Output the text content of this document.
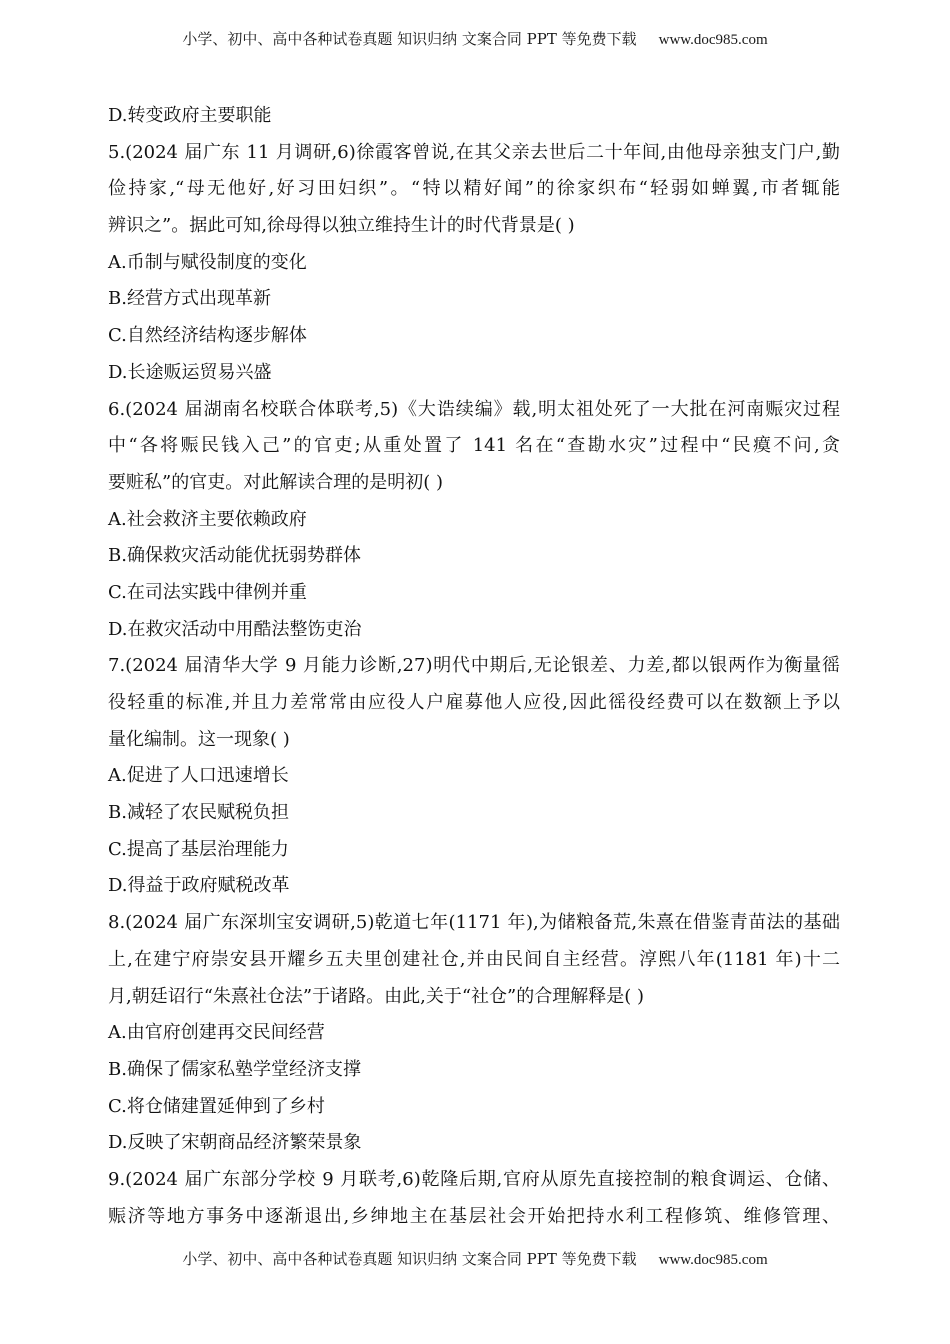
小学、初中、高中各种试卷真题 知识归纳 文案合同 PPT 等免费下载 www.doc985.com
D.转变政府主要职能
5.(2024 届广东 11 月调研,6)徐霞客曾说,在其父亲去世后二十年间,由他母亲独支门户,勤
俭持家,“母无他好,好习田妇织”。“特以精好闻”的徐家织布“轻弱如蝉翼,市者辄能
辨识之”。据此可知,徐母得以独立维持生计的时代背景是( )
A.币制与赋役制度的变化
B.经营方式出现革新
C.自然经济结构逐步解体
D.长途贩运贸易兴盛
6.(2024 届湖南名校联合体联考,5)《大诰续编》载,明太祖处死了一大批在河南赈灾过程
中“各将赈民钱入己”的官吏;从重处置了 141 名在“查勘水灾”过程中“民瘼不问,贪
要赃私”的官吏。对此解读合理的是明初( )
A.社会救济主要依赖政府
B.确保救灾活动能优抚弱势群体
C.在司法实践中律例并重
D.在救灾活动中用酷法整饬吏治
7.(2024 届清华大学 9 月能力诊断,27)明代中期后,无论银差、力差,都以银两作为衡量徭
役轻重的标准,并且力差常常由应役人户雇募他人应役,因此徭役经费可以在数额上予以
量化编制。这一现象( )
A.促进了人口迅速增长
B.减轻了农民赋税负担
C.提高了基层治理能力
D.得益于政府赋税改革
8.(2024 届广东深圳宝安调研,5)乾道七年(1171 年),为储粮备荒,朱熹在借鉴青苗法的基础
上,在建宁府崇安县开耀乡五夫里创建社仓,并由民间自主经营。淳熙八年(1181 年)十二
月,朝廷诏行“朱熹社仓法”于诸路。由此,关于“社仓”的合理解释是( )
A.由官府创建再交民间经营
B.确保了儒家私塾学堂经济支撑
C.将仓储建置延伸到了乡村
D.反映了宋朝商品经济繁荣景象
9.(2024 届广东部分学校 9 月联考,6)乾隆后期,官府从原先直接控制的粮食调运、仓储、
赈济等地方事务中逐渐退出,乡绅地主在基层社会开始把持水利工程修筑、维修管理、
小学、初中、高中各种试卷真题 知识归纳 文案合同 PPT 等免费下载 www.doc985.com
